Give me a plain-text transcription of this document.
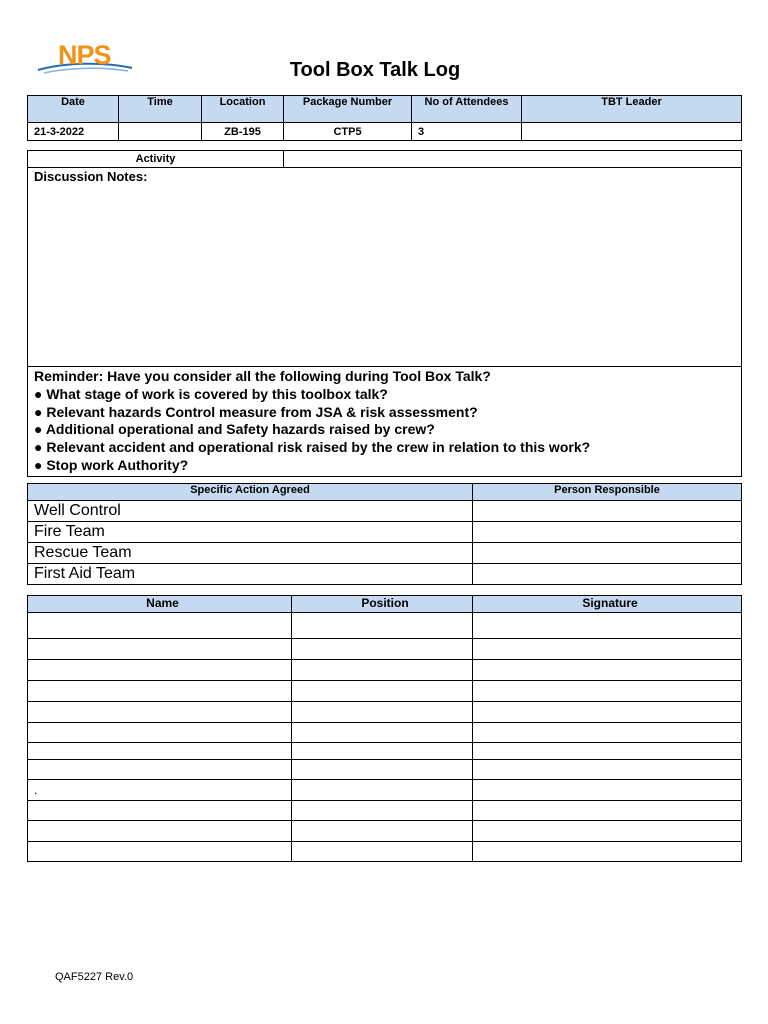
NPS	Tool Box Talk Log
Date	Time	Location	Package Number	No of Attendees	TBT Leader
21-3-2022		ZB-195	CTP5	3	
Activity	
Discussion Notes:

Reminder: Have you consider all the following during Tool Box Talk?
● What stage of work is covered by this toolbox talk?
● Relevant hazards Control measure from JSA & risk assessment?
● Additional operational and Safety hazards raised by crew?
● Relevant accident and operational risk raised by the crew in relation to this work?
● Stop work Authority?
Specific Action Agreed	Person Responsible
Well Control	
Fire Team	
Rescue Team	
First Aid Team	
Name	Position	Signature

.		

QAF5227 Rev.0
